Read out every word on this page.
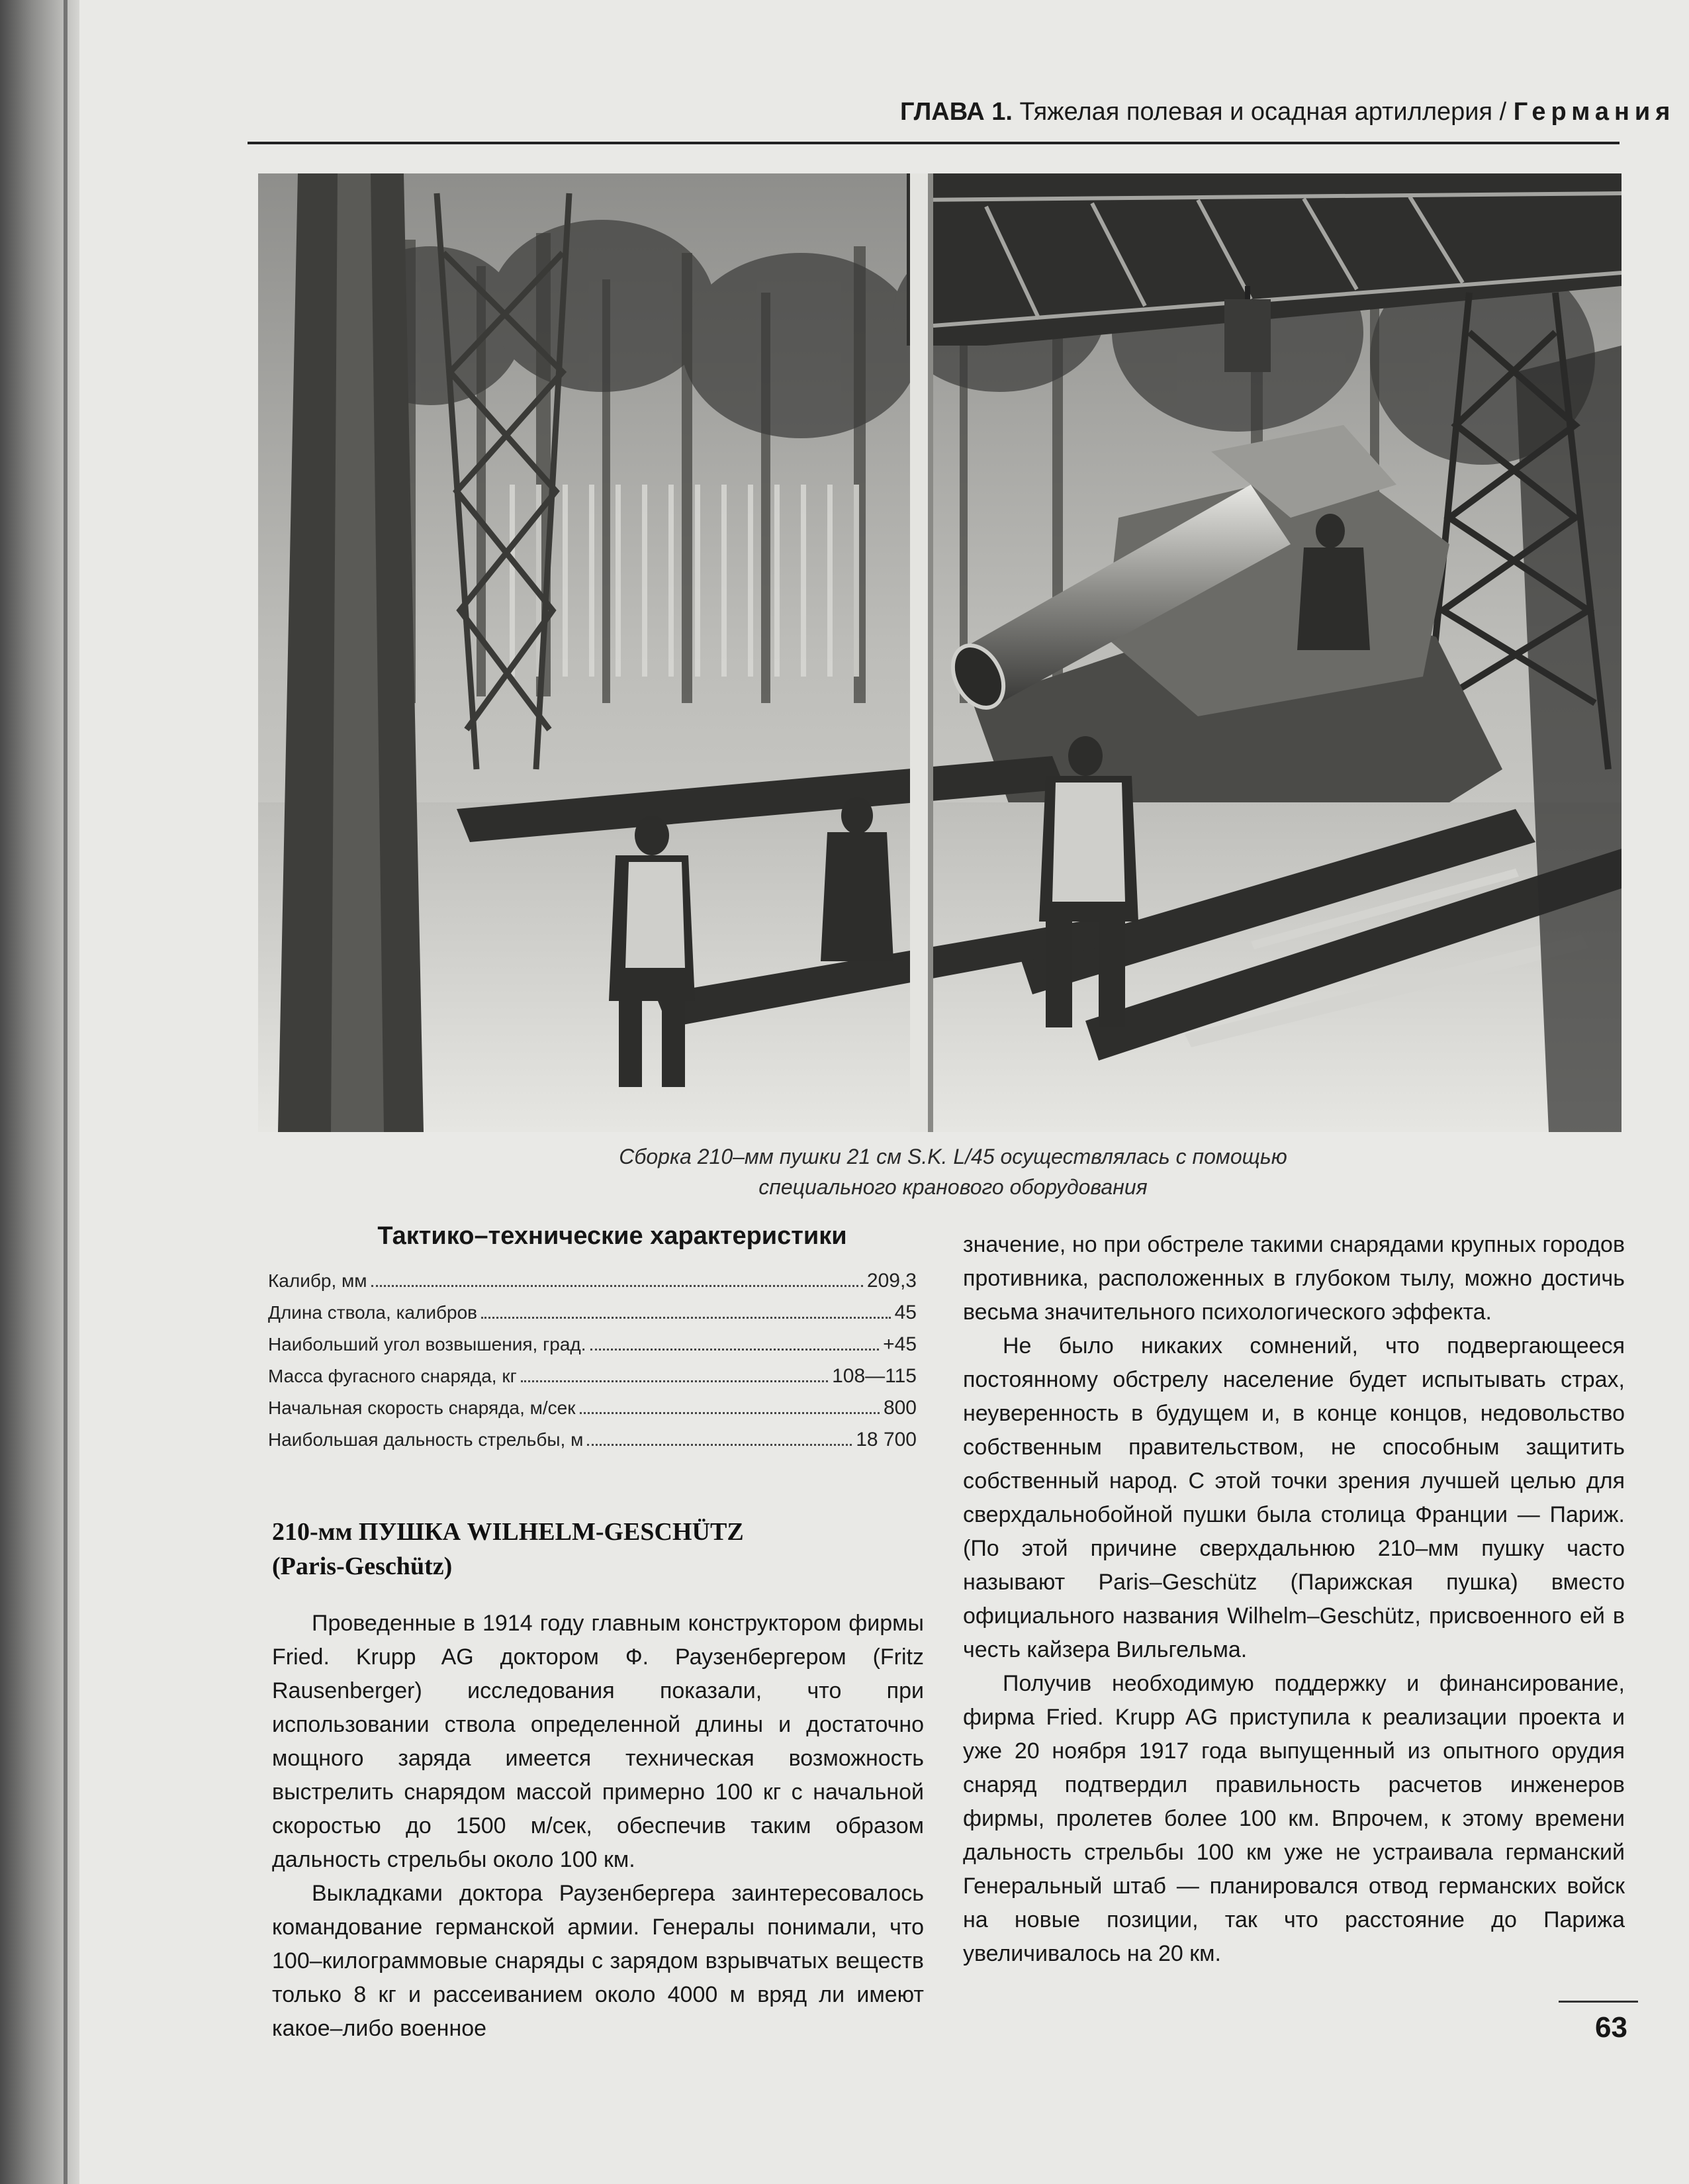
ГЛАВА 1. Тяжелая полевая и осадная артиллерия / Германия
Сборка 210–мм пушки 21 см S.K. L/45 осуществлялась с помощью
специального кранового оборудования
Тактико–технические характеристики
Калибр, мм	209,3
Длина ствола, калибров	45
Наибольший угол возвышения, град.	+45
Масса фугасного снаряда, кг	108—115
Начальная скорость снаряда, м/сек	800
Наибольшая дальность стрельбы, м	18 700
210-мм ПУШКА WILHELM-GESCHÜTZ
(Paris-Geschütz)

Проведенные в 1914 году главным конструктором фирмы Fried. Krupp AG доктором Ф. Раузенбергером (Fritz Rausenberger) исследования показали, что при использовании ствола определенной длины и достаточно мощного заряда имеется техническая возможность выстрелить снарядом массой примерно 100 кг с начальной скоростью до 1500 м/сек, обеспечив таким образом дальность стрельбы около 100 км.

Выкладками доктора Раузенбергера заинтересовалось командование германской армии. Генералы понимали, что 100–килограммовые снаряды с зарядом взрывчатых веществ только 8 кг и рассеиванием около 4000 м вряд ли имеют какое–либо военное

значение, но при обстреле такими снарядами крупных городов противника, расположенных в глубоком тылу, можно достичь весьма значительного психологического эффекта.

Не было никаких сомнений, что подвергающееся постоянному обстрелу население будет испытывать страх, неуверенность в будущем и, в конце концов, недовольство собственным правительством, не способным защитить собственный народ. С этой точки зрения лучшей целью для сверхдальнобойной пушки была столица Франции — Париж. (По этой причине сверхдальнюю 210–мм пушку часто называют Paris–Geschütz (Парижская пушка) вместо официального названия Wilhelm–Geschütz, присвоенного ей в честь кайзера Вильгельма.

Получив необходимую поддержку и финансирование, фирма Fried. Krupp AG приступила к реализации проекта и уже 20 ноября 1917 года выпущенный из опытного орудия снаряд подтвердил правильность расчетов инженеров фирмы, пролетев более 100 км. Впрочем, к этому времени дальность стрельбы 100 км уже не устраивала германский Генеральный штаб — планировался отвод германских войск на новые позиции, так что расстояние до Парижа увеличивалось на 20 км.

63
